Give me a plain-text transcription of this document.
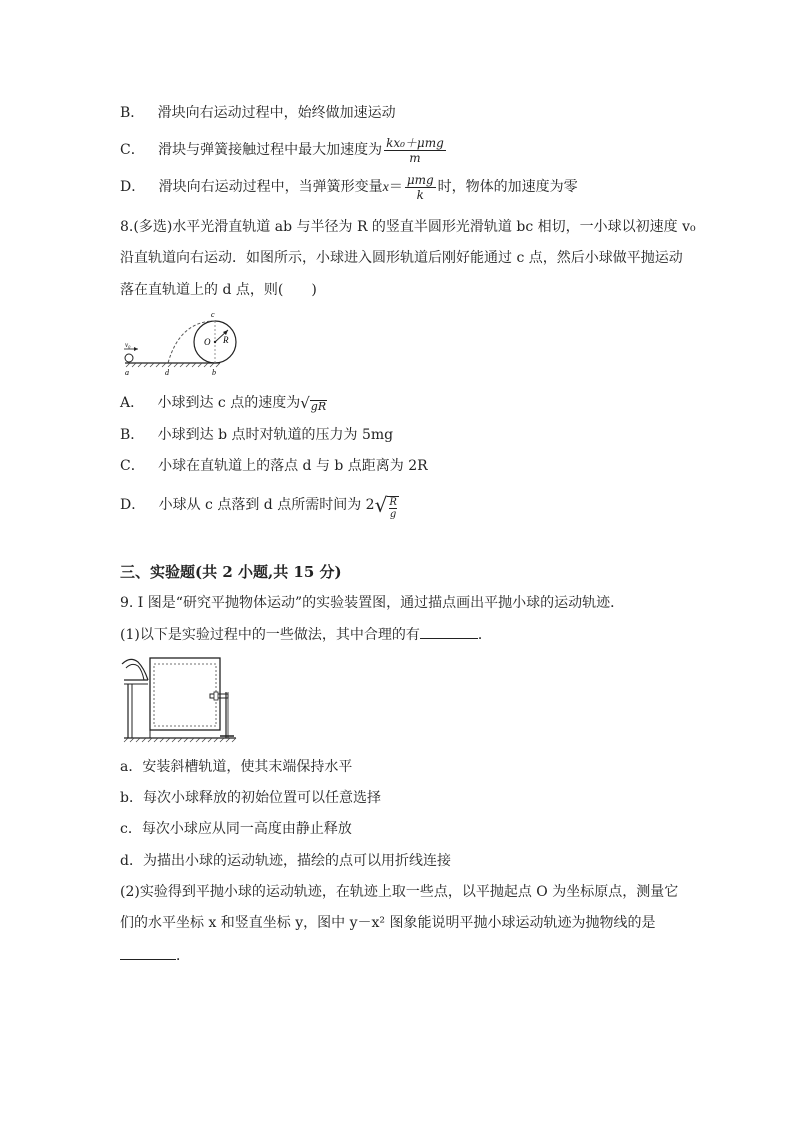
B． 滑块向右运动过程中，始终做加速运动
C． 滑块与弹簧接触过程中最大加速度为 $\frac{\text{kx₀＋μmg}}{m}$
D． 滑块向右运动过程中，当弹簧形变量$x= \frac{\text{μmg}}{k}$ 时，物体的加速度为零
8.(多选)水平光滑直轨道 ab 与半径为 R 的竖直半圆形光滑轨道 bc 相切，一小球以初速度 v₀
沿直轨道向右运动．如图所示，小球进入圆形轨道后刚好能通过 c 点，然后小球做平抛运动
落在直轨道上的 d 点，则(　　)
c
O R
v₀
a	d	b
A． 小球到达 c 点的速度为 √ gR
B． 小球到达 b 点时对轨道的压力为 5mg
C． 小球在直轨道上的落点 d 与 b 点距离为 2R
D． 小球从 c 点落到 d 点所需时间为 2 √ R
g
三、实验题(共 2 小题,共 15 分)
9. I 图是“研究平抛物体运动”的实验装置图，通过描点画出平抛小球的运动轨迹．
(1)以下是实验过程中的一些做法，其中合理的有	．
a．安装斜槽轨道，使其末端保持水平
b．每次小球释放的初始位置可以任意选择
c．每次小球应从同一高度由静止释放
d．为描出小球的运动轨迹，描绘的点可以用折线连接
(2)实验得到平抛小球的运动轨迹，在轨迹上取一些点，以平抛起点 O 为坐标原点，测量它
们的水平坐标 x 和竖直坐标 y，图中 y－x² 图象能说明平抛小球运动轨迹为抛物线的是
．
